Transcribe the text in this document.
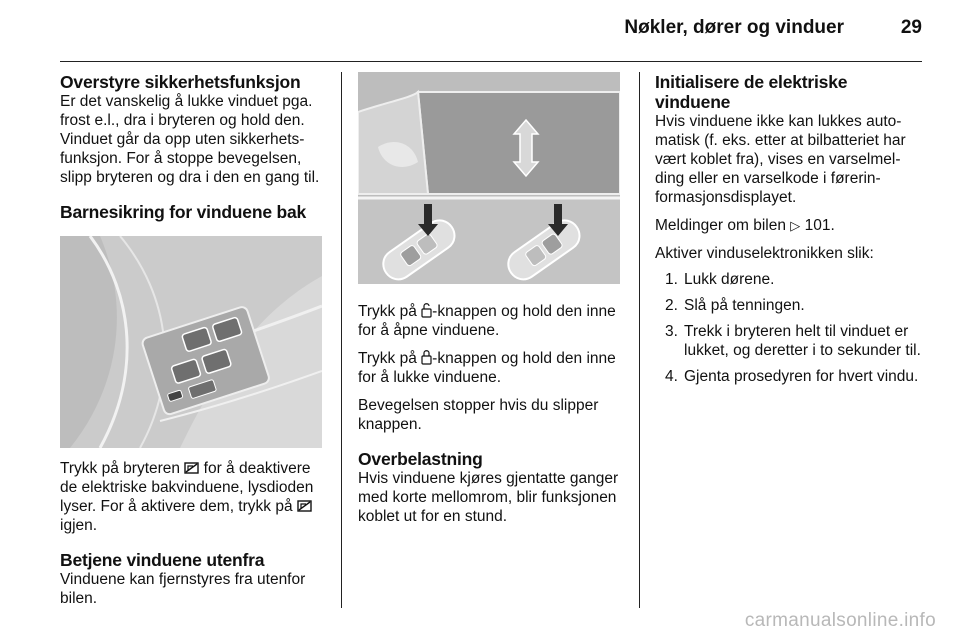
Nøkler, dører og vinduer	29
Overstyre sikkerhetsfunksjon

Er det vanskelig å lukke vinduet pga. frost e.l., dra i bryteren og hold den. Vinduet går da opp uten sikkerhets-funksjon. For å stoppe bevegelsen, slipp bryteren og dra i den en gang til.

Barnesikring for vinduene bak

Trykk på bryteren for å deaktivere de elektriske bakvinduene, lysdioden lyser. For å aktivere dem, trykk på  igjen.

Betjene vinduene utenfra

Vinduene kan fjernstyres fra utenfor bilen.

Trykk på -knappen og hold den inne for å åpne vinduene.

Trykk på -knappen og hold den inne for å lukke vinduene.

Bevegelsen stopper hvis du slipper knappen.

Overbelastning

Hvis vinduene kjøres gjentatte ganger med korte mellomrom, blir funksjonen koblet ut for en stund.

Initialisere de elektriske vinduene

Hvis vinduene ikke kan lukkes auto-matisk (f. eks. etter at bilbatteriet har vært koblet fra), vises en varselmel-ding eller en varselkode i førerin-formasjonsdisplayet.

Meldinger om bilen ▷ 101.

Aktiver vinduselektronikken slik:

1. Lukk dørene.
2. Slå på tenningen.
3. Trekk i bryteren helt til vinduet er lukket, og deretter i to sekunder til.
4. Gjenta prosedyren for hvert vindu.
carmanualsonline.info
